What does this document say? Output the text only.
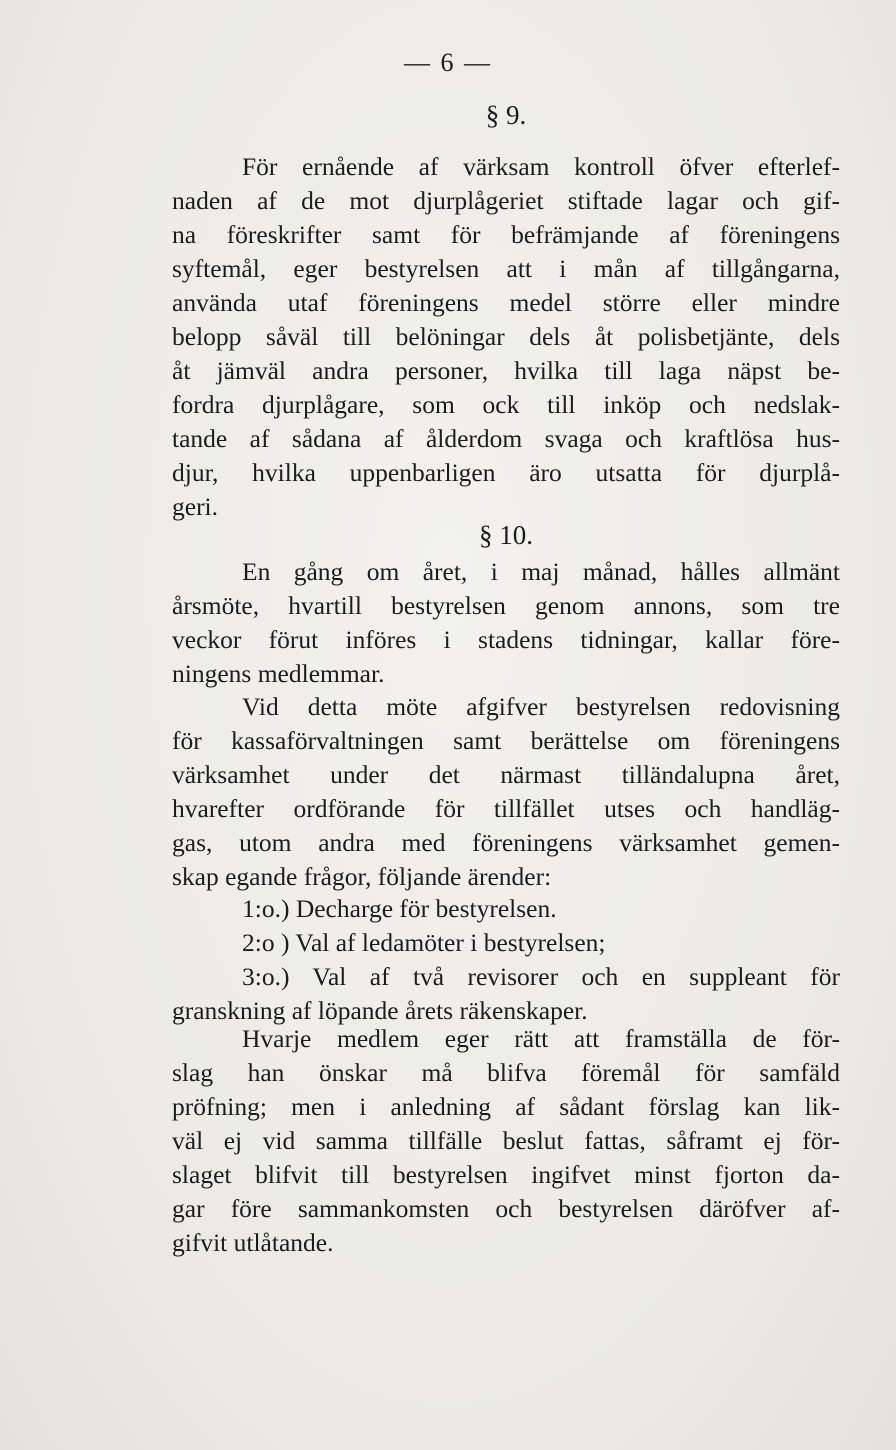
— 6 —
§ 9.
För ernående af värksam kontroll öfver efterlef-
naden af de mot djurplågeriet stiftade lagar och gif-
na föreskrifter samt för befrämjande af föreningens
syftemål, eger bestyrelsen att i mån af tillgångarna,
använda utaf föreningens medel större eller mindre
belopp såväl till belöningar dels åt polisbetjänte, dels
åt jämväl andra personer, hvilka till laga näpst be-
fordra djurplågare, som ock till inköp och nedslak-
tande af sådana af ålderdom svaga och kraftlösa hus-
djur, hvilka uppenbarligen äro utsatta för djurplå-
geri.
§ 10.
En gång om året, i maj månad, hålles allmänt
årsmöte, hvartill bestyrelsen genom annons, som tre
veckor förut införes i stadens tidningar, kallar före-
ningens medlemmar.
Vid detta möte afgifver bestyrelsen redovisning
för kassaförvaltningen samt berättelse om föreningens
värksamhet under det närmast tilländalupna året,
hvarefter ordförande för tillfället utses och handläg-
gas, utom andra med föreningens värksamhet gemen-
skap egande frågor, följande ärender:
1:o.) Decharge för bestyrelsen.
2:o ) Val af ledamöter i bestyrelsen;
3:o.) Val af två revisorer och en suppleant för
granskning af löpande årets räkenskaper.
Hvarje medlem eger rätt att framställa de för-
slag han önskar må blifva föremål för samfäld
pröfning; men i anledning af sådant förslag kan lik-
väl ej vid samma tillfälle beslut fattas, såframt ej för-
slaget blifvit till bestyrelsen ingifvet minst fjorton da-
gar före sammankomsten och bestyrelsen däröfver af-
gifvit utlåtande.
